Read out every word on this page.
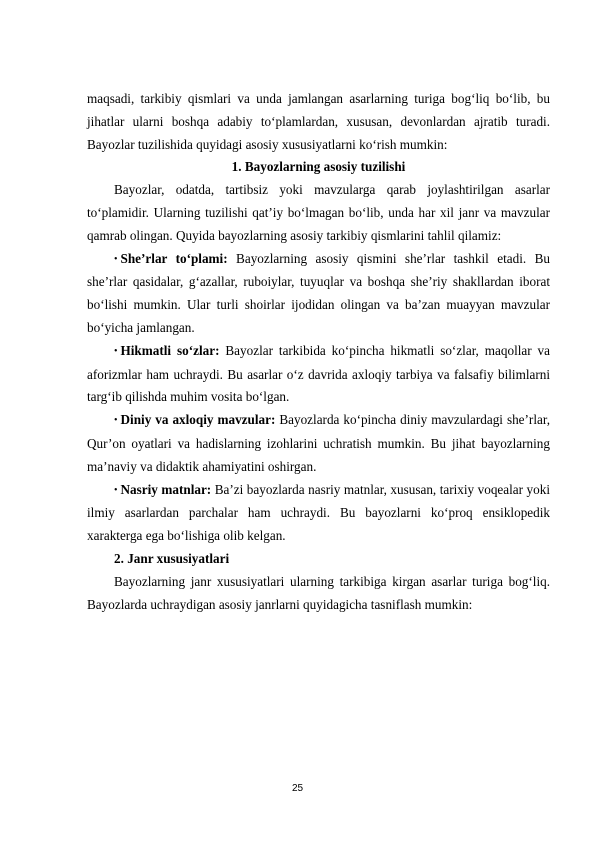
maqsadi, tarkibiy qismlari va unda jamlangan asarlarning turiga bog‘liq bo‘lib, bu jihatlar ularni boshqa adabiy to‘plamlardan, xususan, devonlardan ajratib turadi. Bayozlar tuzilishida quyidagi asosiy xususiyatlarni ko‘rish mumkin:

1. Bayozlarning asosiy tuzilishi

Bayozlar, odatda, tartibsiz yoki mavzularga qarab joylashtirilgan asarlar to‘plamidir. Ularning tuzilishi qat’iy bo‘lmagan bo‘lib, unda har xil janr va mavzular qamrab olingan. Quyida bayozlarning asosiy tarkibiy qismlarini tahlil qilamiz:

• She’rlar to‘plami: Bayozlarning asosiy qismini she’rlar tashkil etadi. Bu she’rlar qasidalar, g‘azallar, ruboiylar, tuyuqlar va boshqa she’riy shakllardan iborat bo‘lishi mumkin. Ular turli shoirlar ijodidan olingan va ba’zan muayyan mavzular bo‘yicha jamlangan.

• Hikmatli so‘zlar: Bayozlar tarkibida ko‘pincha hikmatli so‘zlar, maqollar va aforizmlar ham uchraydi. Bu asarlar o‘z davrida axloqiy tarbiya va falsafiy bilimlarni targ‘ib qilishda muhim vosita bo‘lgan.

• Diniy va axloqiy mavzular: Bayozlarda ko‘pincha diniy mavzulardagi she’rlar, Qur’on oyatlari va hadislarning izohlarini uchratish mumkin. Bu jihat bayozlarning ma’naviy va didaktik ahamiyatini oshirgan.

• Nasriy matnlar: Ba’zi bayozlarda nasriy matnlar, xususan, tarixiy voqealar yoki ilmiy asarlardan parchalar ham uchraydi. Bu bayozlarni ko‘proq ensiklopedik xarakterga ega bo‘lishiga olib kelgan.

2. Janr xususiyatlari

Bayozlarning janr xususiyatlari ularning tarkibiga kirgan asarlar turiga bog‘liq. Bayozlarda uchraydigan asosiy janrlarni quyidagicha tasniflash mumkin:

25
